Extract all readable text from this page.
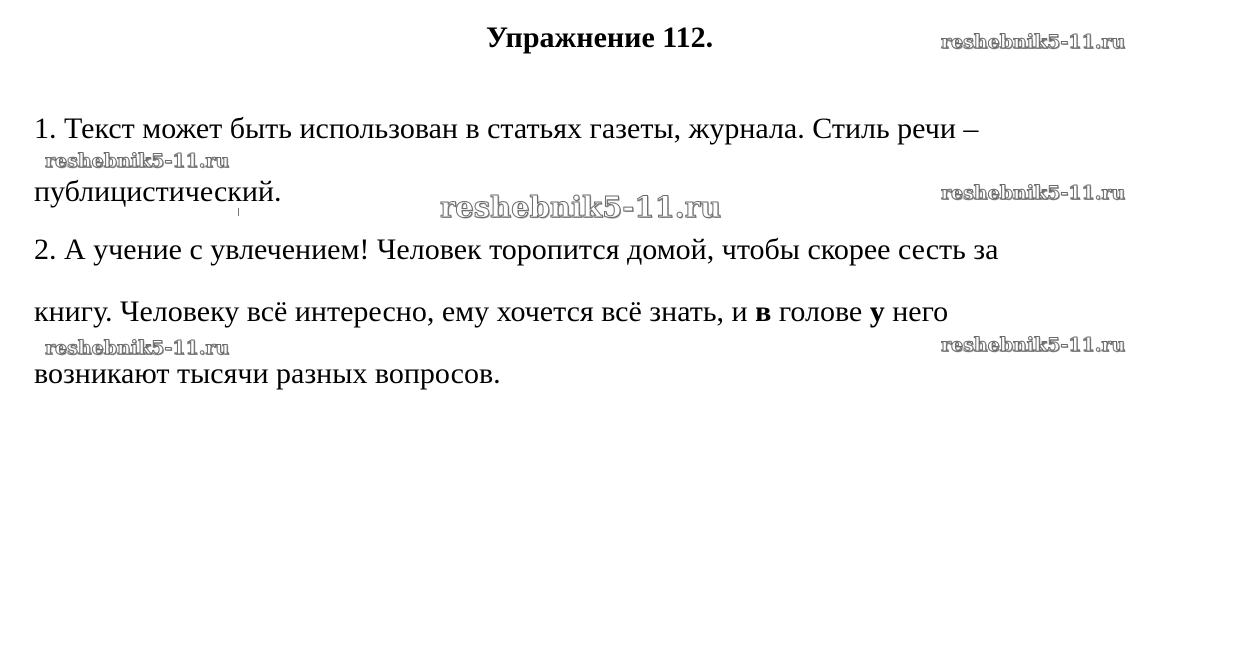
Упражнение 112.	reshebnik5-11.ru
1. Текст может быть использован в статьях газеты, журнала. Стиль речи –
reshebnik5-11.ru
публицистический.	reshebnik5-11.ru
reshebnik5-11.ru
2. А учение с увлечением! Человек торопится домой, чтобы скорее сесть за
книгу. Человеку всё интересно, ему хочется всё знать, и в голове у него
reshebnik5-11.ru	reshebnik5-11.ru
возникают тысячи разных вопросов.
